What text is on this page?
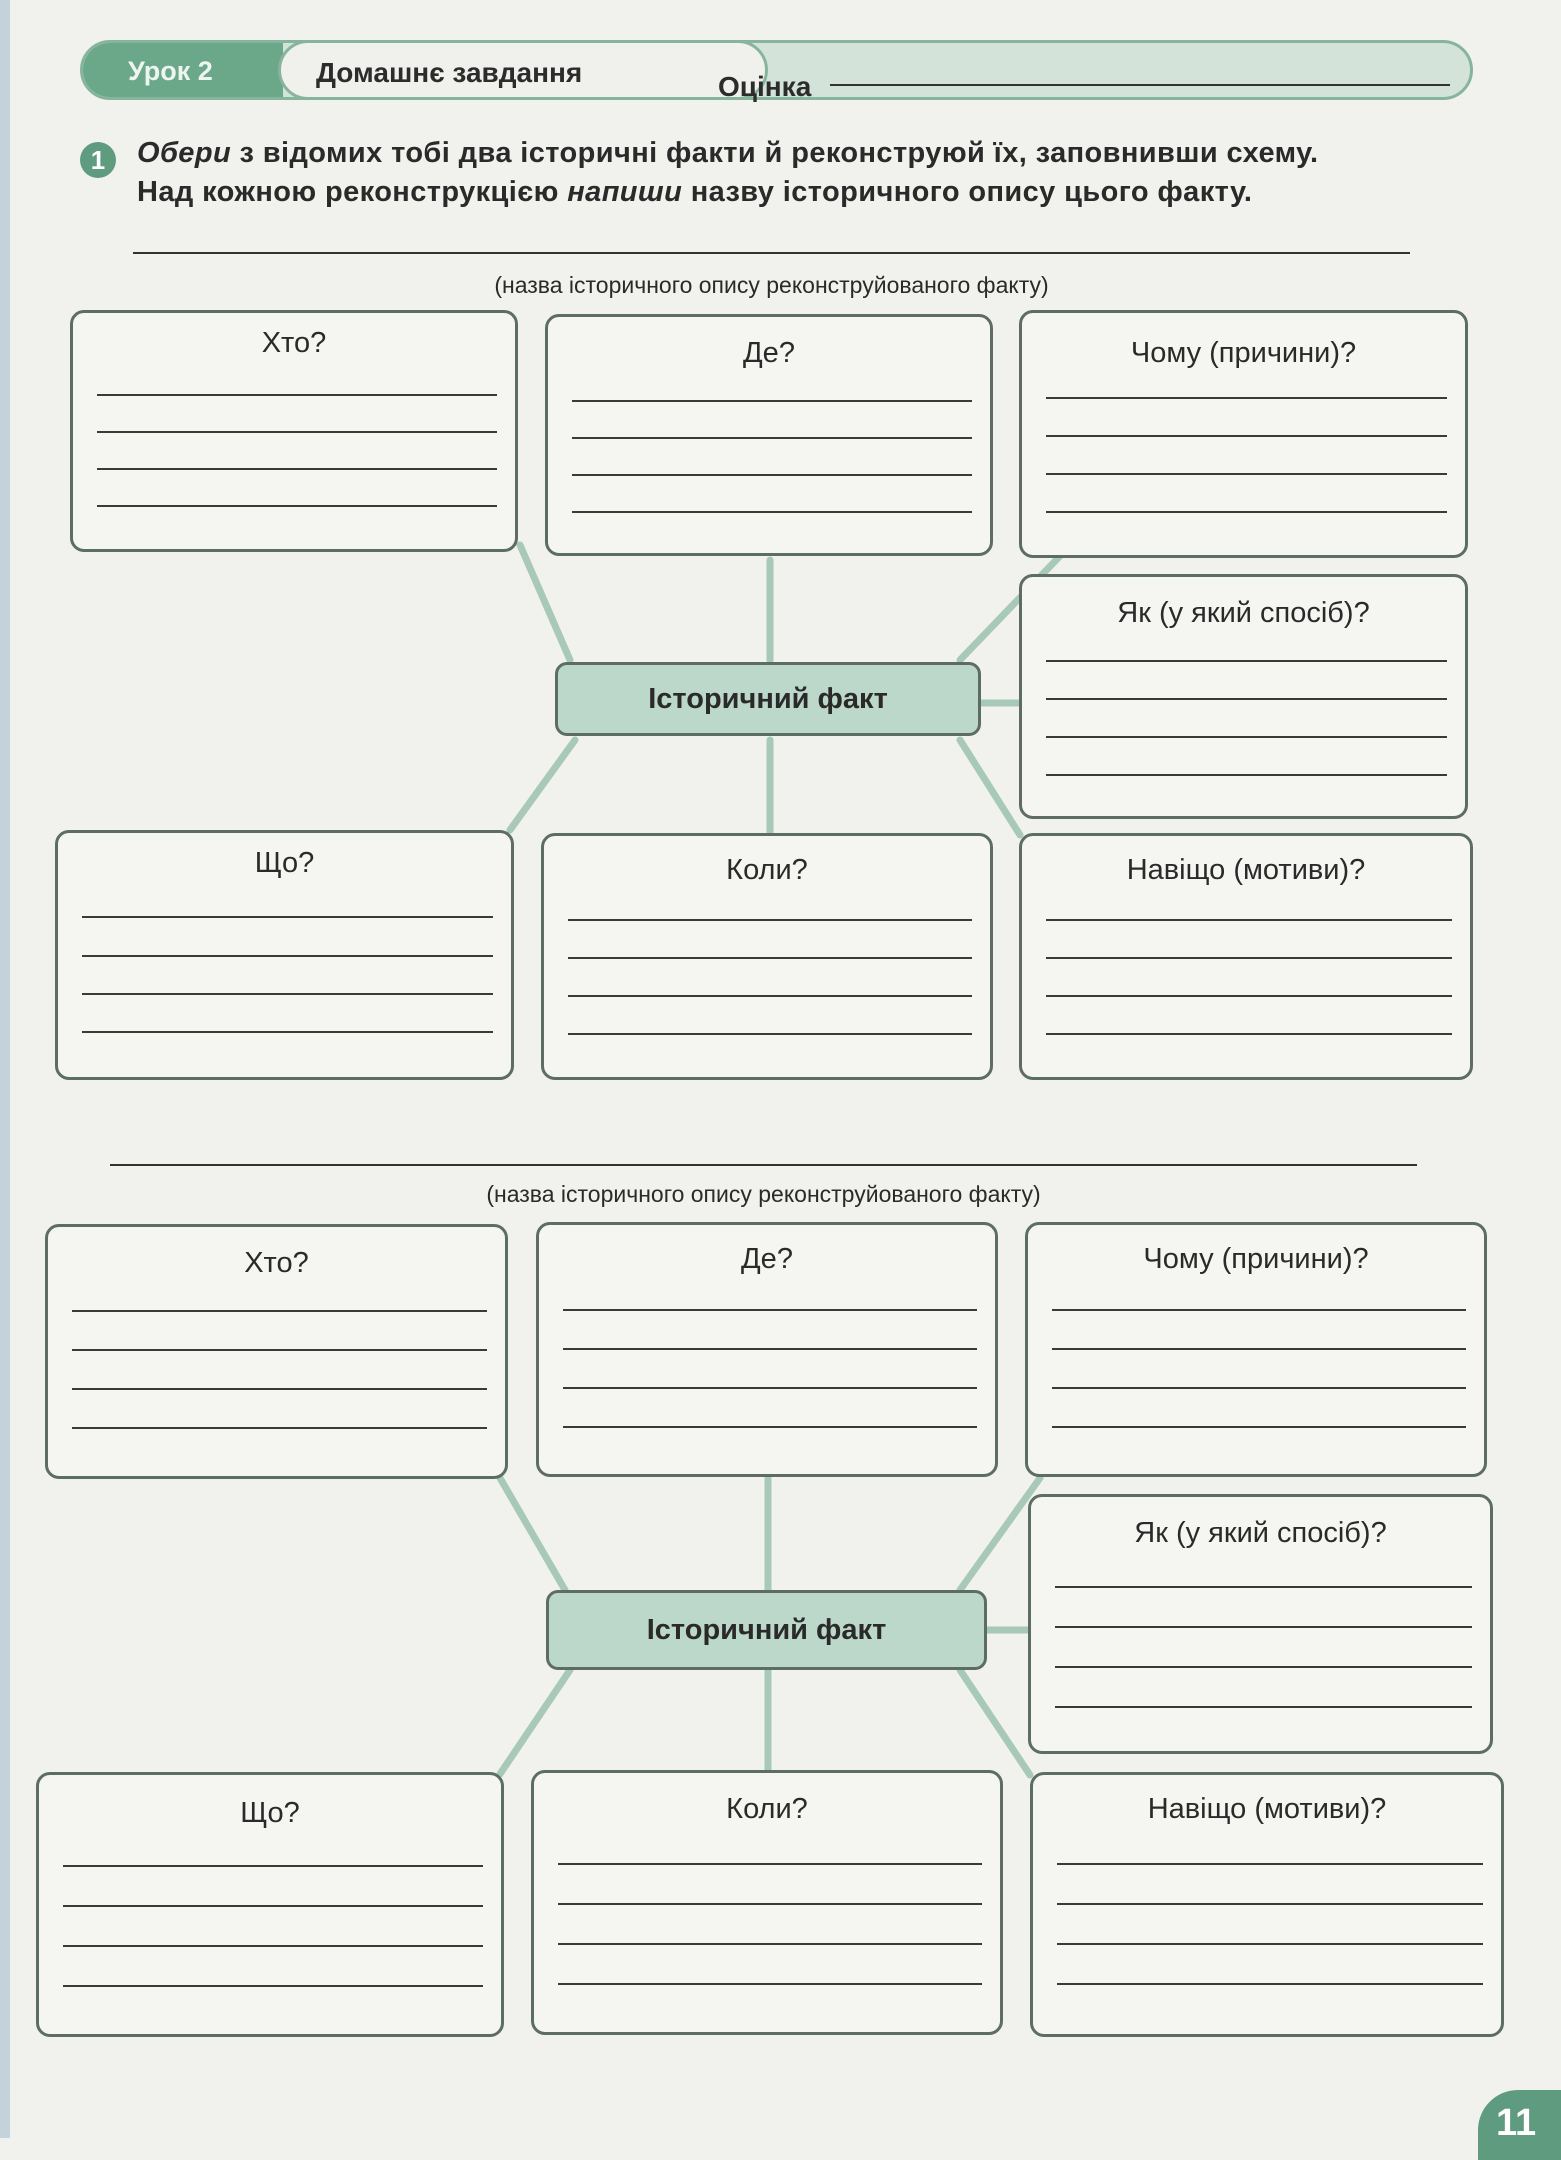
Урок 2	Домашнє завдання	Оцінка
1	Обери з відомих тобі два історичні факти й реконструюй їх, заповнивши схему.
Над кожною реконструкцією напиши назву історичного опису цього факту.
(назва історичного опису реконструйованого факту)
Хто?	Де?	Чому (причини)?
Як (у який спосіб)?
Історичний факт
Що?	Коли?	Навіщо (мотиви)?
(назва історичного опису реконструйованого факту)
Хто?	Де?	Чому (причини)?
Як (у який спосіб)?
Історичний факт
Що?	Коли?	Навіщо (мотиви)?
11
